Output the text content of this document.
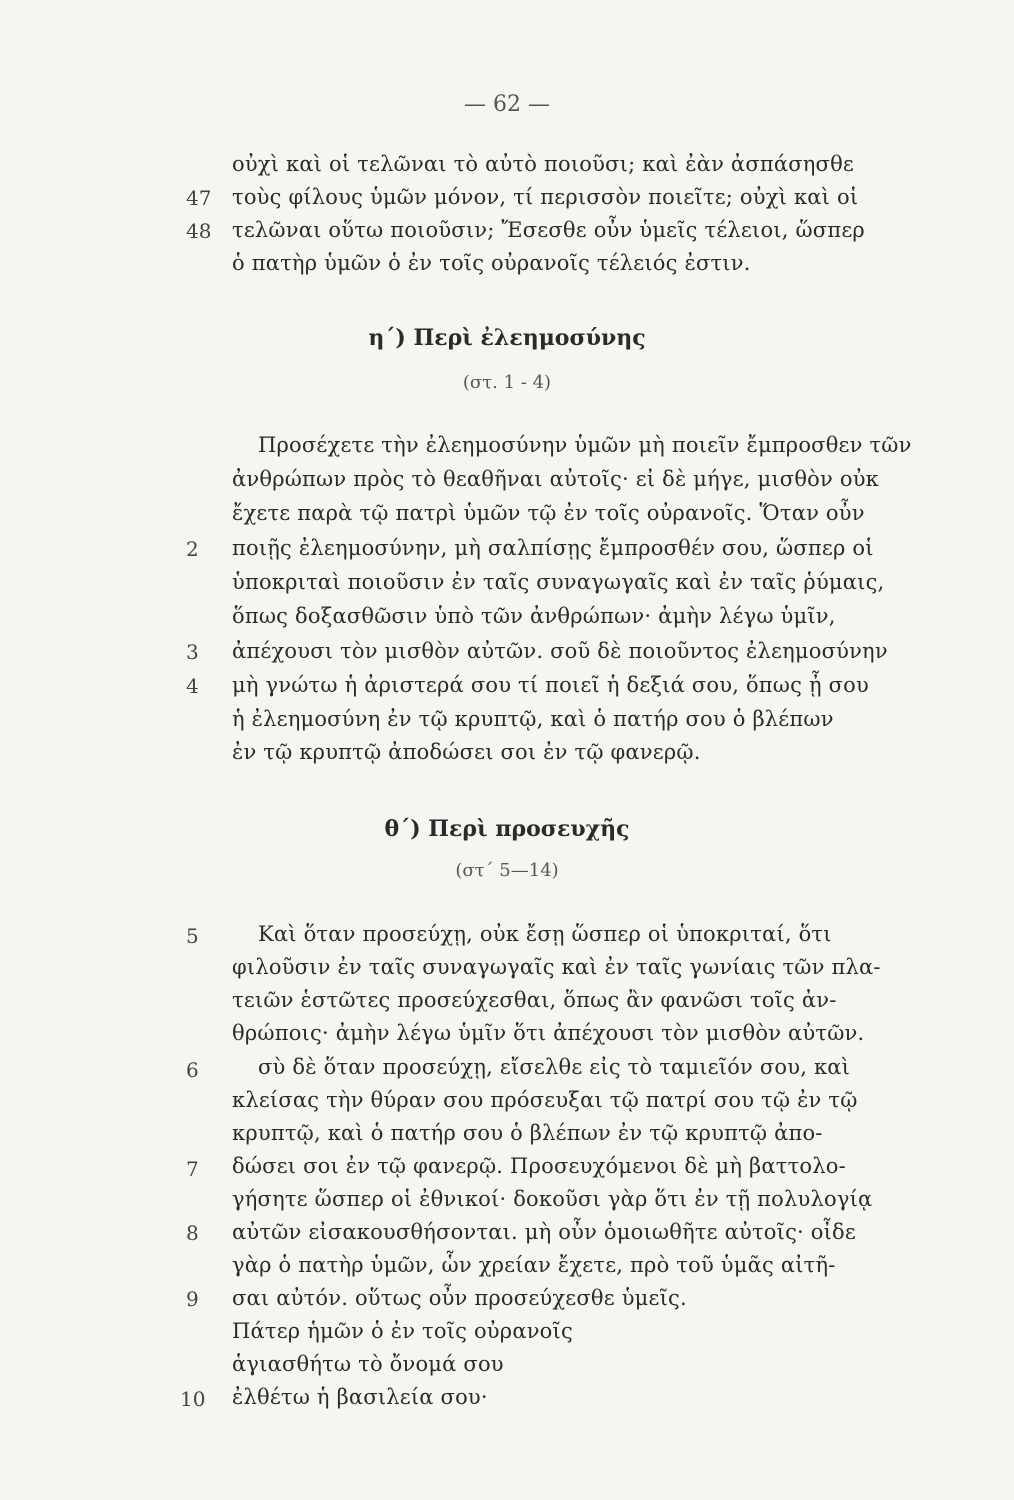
— 62 —
47
48
οὐχὶ καὶ οἱ τελῶναι τὸ αὐτὸ ποιοῦσι; καὶ ἐὰν ἀσπάσησθε
τοὺς φίλους ὑμῶν μόνον, τί περισσὸν ποιεῖτε; οὐχὶ καὶ οἱ
τελῶναι οὕτω ποιοῦσιν; Ἔσεσθε οὖν ὑμεῖς τέλειοι, ὥσπερ
ὁ πατὴρ ὑμῶν ὁ ἐν τοῖς οὐρανοῖς τέλειός ἐστιν.
η΄) Περὶ ἐλεημοσύνης
(στ. 1 - 4)
2
3
4
Προσέχετε τὴν ἐλεημοσύνην ὑμῶν μὴ ποιεῖν ἔμπροσθεν τῶν
ἀνθρώπων πρὸς τὸ θεαθῆναι αὐτοῖς· εἰ δὲ μήγε, μισθὸν οὐκ
ἔχετε παρὰ τῷ πατρὶ ὑμῶν τῷ ἐν τοῖς οὐρανοῖς. Ὅταν οὖν
ποιῇς ἐλεημοσύνην, μὴ σαλπίσῃς ἔμπροσθέν σου, ὥσπερ οἱ
ὑποκριταὶ ποιοῦσιν ἐν ταῖς συναγωγαῖς καὶ ἐν ταῖς ῥύμαις,
ὅπως δοξασθῶσιν ὑπὸ τῶν ἀνθρώπων· ἀμὴν λέγω ὑμῖν,
ἀπέχουσι τὸν μισθὸν αὐτῶν. σοῦ δὲ ποιοῦντος ἐλεημοσύνην
μὴ γνώτω ἡ ἀριστερά σου τί ποιεῖ ἡ δεξιά σου, ὅπως ᾖ σου
ἡ ἐλεημοσύνη ἐν τῷ κρυπτῷ, καὶ ὁ πατήρ σου ὁ βλέπων
ἐν τῷ κρυπτῷ ἀποδώσει σοι ἐν τῷ φανερῷ.
θ΄) Περὶ προσευχῆς
(στ΄ 5—14)
5
6
7
8
9
10
Καὶ ὅταν προσεύχῃ, οὐκ ἔσῃ ὥσπερ οἱ ὑποκριταί, ὅτι
φιλοῦσιν ἐν ταῖς συναγωγαῖς καὶ ἐν ταῖς γωνίαις τῶν πλα-
τειῶν ἑστῶτες προσεύχεσθαι, ὅπως ἂν φανῶσι τοῖς ἀν-
θρώποις· ἀμὴν λέγω ὑμῖν ὅτι ἀπέχουσι τὸν μισθὸν αὐτῶν.
σὺ δὲ ὅταν προσεύχῃ, εἴσελθε εἰς τὸ ταμιεῖόν σου, καὶ
κλείσας τὴν θύραν σου πρόσευξαι τῷ πατρί σου τῷ ἐν τῷ
κρυπτῷ, καὶ ὁ πατήρ σου ὁ βλέπων ἐν τῷ κρυπτῷ ἀπο-
δώσει σοι ἐν τῷ φανερῷ. Προσευχόμενοι δὲ μὴ βαττολο-
γήσητε ὥσπερ οἱ ἐθνικοί· δοκοῦσι γὰρ ὅτι ἐν τῇ πολυλογίᾳ
αὐτῶν εἰσακουσθήσονται. μὴ οὖν ὁμοιωθῆτε αὐτοῖς· οἶδε
γὰρ ὁ πατὴρ ὑμῶν, ὧν χρείαν ἔχετε, πρὸ τοῦ ὑμᾶς αἰτῆ-
σαι αὐτόν. οὕτως οὖν προσεύχεσθε ὑμεῖς.
Πάτερ ἡμῶν ὁ ἐν τοῖς οὐρανοῖς
ἁγιασθήτω τὸ ὄνομά σου
ἐλθέτω ἡ βασιλεία σου·
